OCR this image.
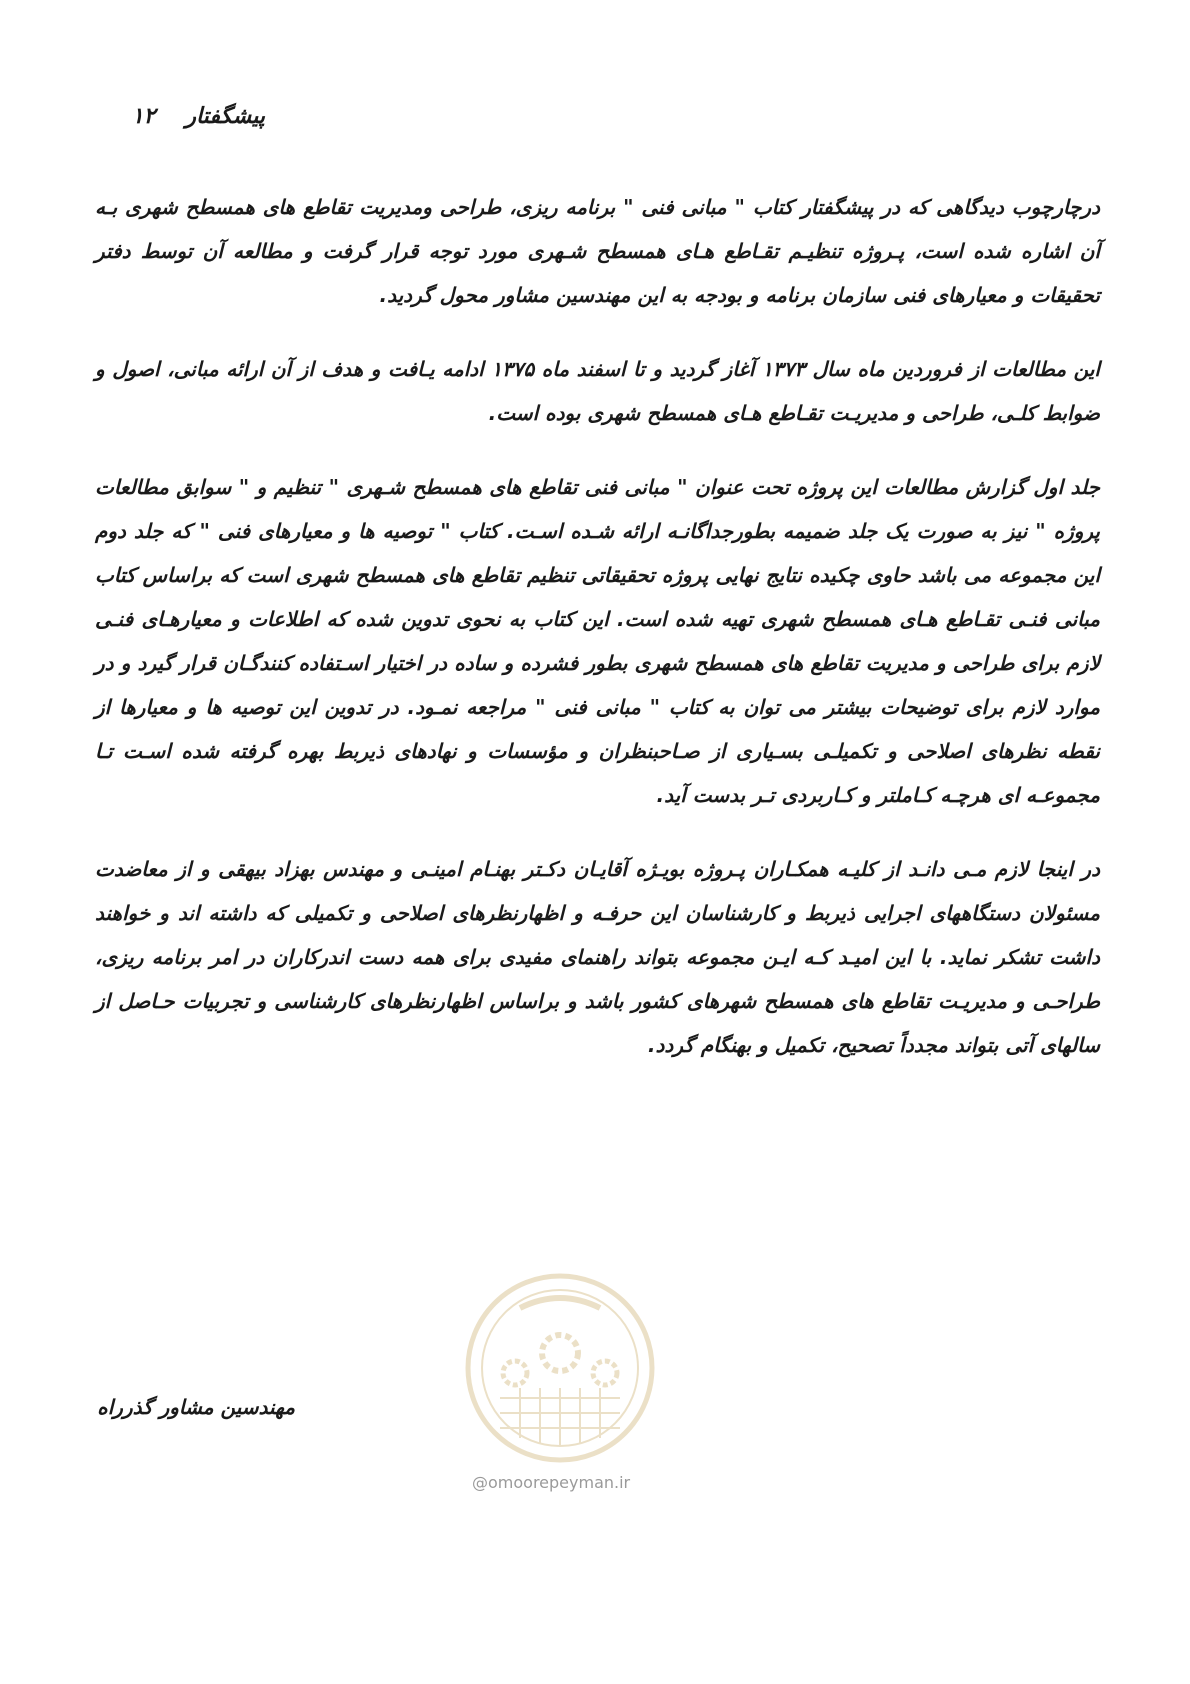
پیشگفتار
۱۲

درچارچوب دیدگاهی که در پیشگفتار کتاب " مبانی فنی " برنامه ریزی، طراحی ومدیریت تقاطع های همسطح شهری بـه آن اشاره شده است، پـروژه تنظیـم تقـاطع هـای همسطح شـهری مورد توجه قرار گرفت و مطالعه آن توسط دفتر تحقیقات و معیارهای فنی سازمان برنامه و بودجه به این مهندسین مشاور محول گردید.

این مطالعات از فروردین ماه سال ۱۳۷۳ آغاز گردید و تا اسفند ماه ۱۳۷۵ ادامه یـافت و هدف از آن ارائه مبانی، اصول و ضوابط کلـی، طراحی و مدیریـت تقـاطع هـای همسطح شهری بوده است.

جلد اول گزارش مطالعات این پروژه تحت عنوان " مبانی فنی تقاطع های همسطح شـهری " تنظیم و " سوابق مطالعات پروژه " نیز به صورت یک جلد ضمیمه بطورجداگانـه ارائه شـده اسـت. کتاب " توصیه ها و معیارهای فنی " که جلد دوم این مجموعه می باشد حاوی چکیده نتایج نهایی پروژه تحقیقاتی تنظیم تقاطع های همسطح شهری است که براساس کتاب مبانی فنـی تقـاطع هـای همسطح شهری تهیه شده است. این کتاب به نحوی تدوین شده که اطلاعات و معیارهـای فنـی لازم برای طراحی و مدیریت تقاطع های همسطح شهری بطور فشرده و ساده در اختیار اسـتفاده کنندگـان قرار گیرد و در موارد لازم برای توضیحات بیشتر می توان به کتاب " مبانی فنی " مراجعه نمـود. در تدوین این توصیه ها و معیارها از نقطه نظرهای اصلاحی و تکمیلـی بسـیاری از صـاحبنظران و مؤسسات و نهادهای ذیربط بهره گرفته شده اسـت تـا مجموعـه ای هرچـه کـاملتر و کـاربردی تـر بدست آید.

در اینجا لازم مـی دانـد از کلیـه همکـاران پـروژه بویـژه آقایـان دکـتر بهنـام امینـی و مهندس بهزاد بیهقی و از معاضدت مسئولان دستگاههای اجرایی ذیربط و کارشناسان این حرفـه و اظهارنظرهای اصلاحی و تکمیلی که داشته اند و خواهند داشت تشکر نماید. با این امیـد کـه ایـن مجموعه بتواند راهنمای مفیدی برای همه دست اندرکاران در امر برنامه ریزی، طراحـی و مدیریـت تقاطع های همسطح شهرهای کشور باشد و براساس اظهارنظرهای کارشناسی و تجربیات حـاصل از سالهای آتی بتواند مجدداً تصحیح، تکمیل و بهنگام گردد.

@omoorepeyman.ir
مهندسین مشاور گذرراه
